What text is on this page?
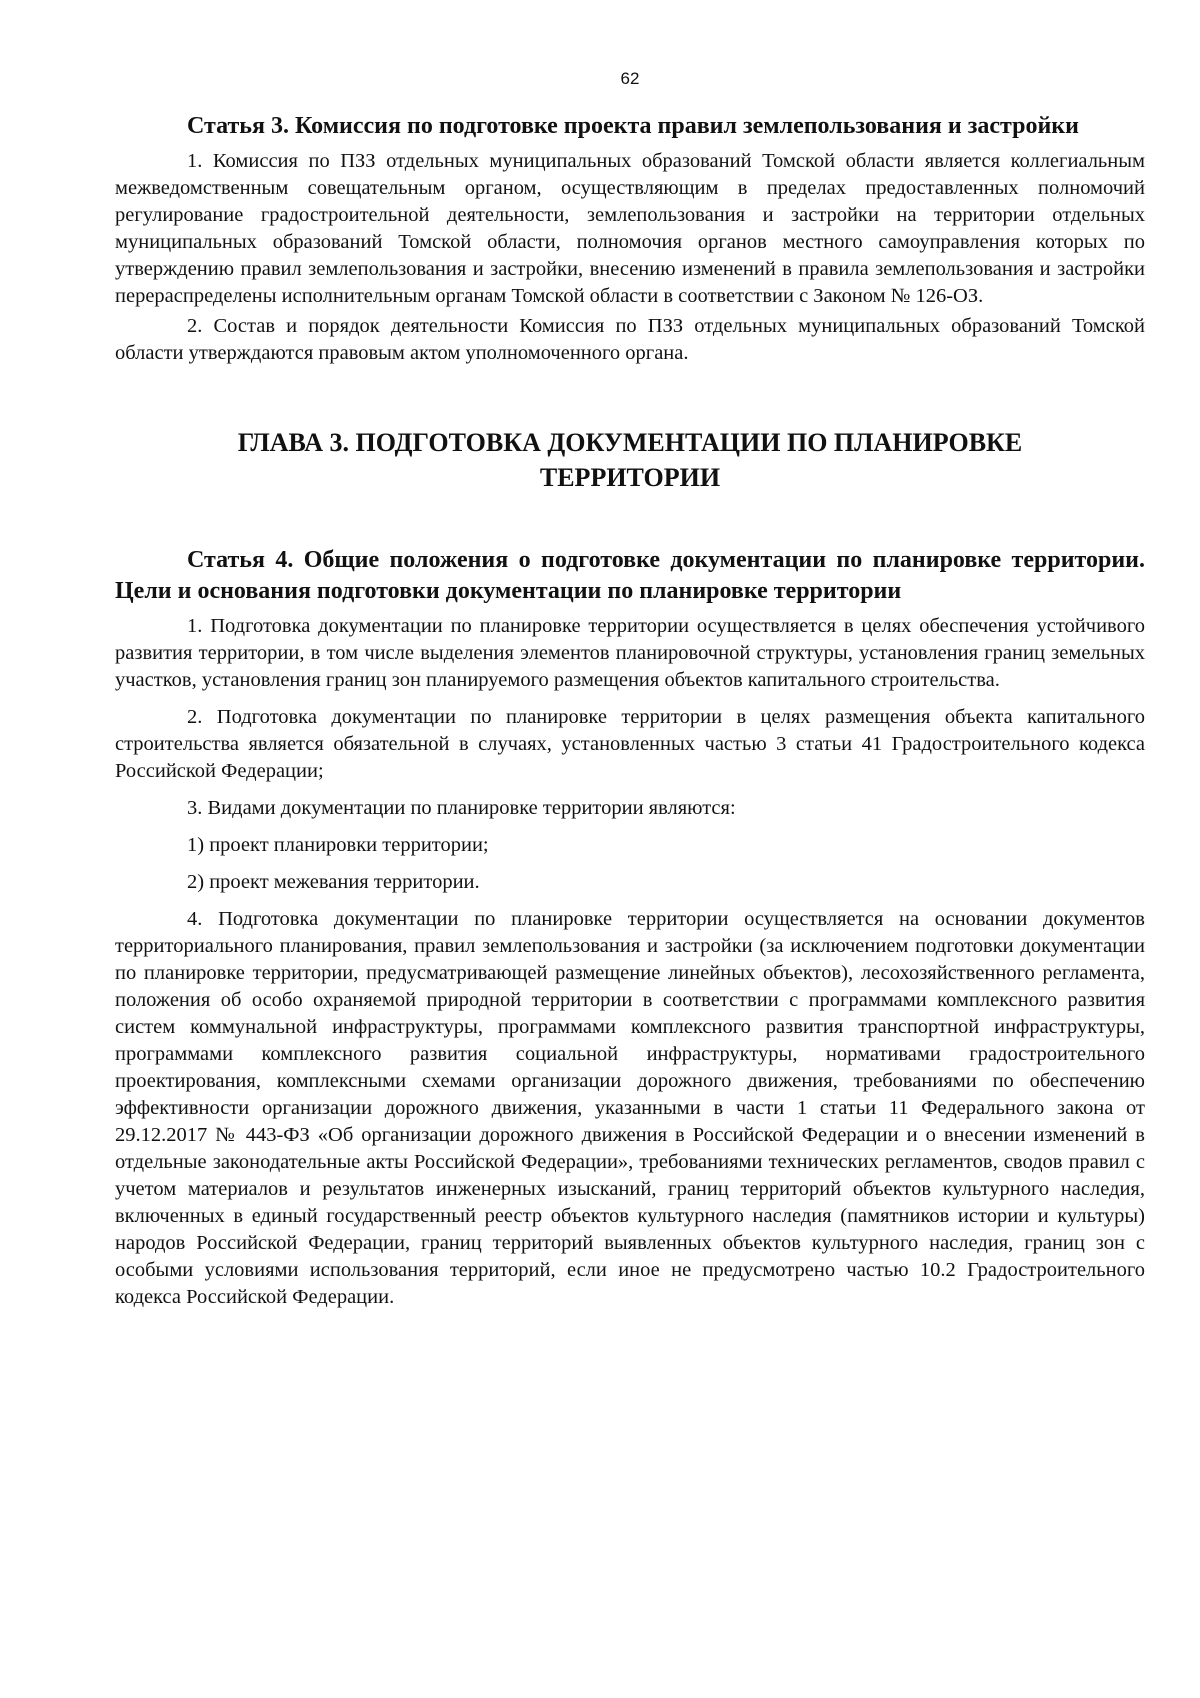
62
Статья 3. Комиссия по подготовке проекта правил землепользования и застройки

1. Комиссия по ПЗЗ отдельных муниципальных образований Томской области является коллегиальным межведомственным совещательным органом, осуществляющим в пределах предоставленных полномочий регулирование градостроительной деятельности, землепользования и застройки на территории отдельных муниципальных образований Томской области, полномочия органов местного самоуправления которых по утверждению правил землепользования и застройки, внесению изменений в правила землепользования и застройки перераспределены исполнительным органам Томской области в соответствии с Законом № 126-ОЗ.

2. Состав и порядок деятельности Комиссия по ПЗЗ отдельных муниципальных образований Томской области утверждаются правовым актом уполномоченного органа.

ГЛАВА 3. ПОДГОТОВКА ДОКУМЕНТАЦИИ ПО ПЛАНИРОВКЕ
ТЕРРИТОРИИ
Статья 4. Общие положения о подготовке документации по планировке территории. Цели и основания подготовки документации по планировке территории

1. Подготовка документации по планировке территории осуществляется в целях обеспечения устойчивого развития территории, в том числе выделения элементов планировочной структуры, установления границ земельных участков, установления границ зон планируемого размещения объектов капитального строительства.

2. Подготовка документации по планировке территории в целях размещения объекта капитального строительства является обязательной в случаях, установленных частью 3 статьи 41 Градостроительного кодекса Российской Федерации;

3. Видами документации по планировке территории являются:

1) проект планировки территории;

2) проект межевания территории.

4. Подготовка документации по планировке территории осуществляется на основании документов территориального планирования, правил землепользования и застройки (за исключением подготовки документации по планировке территории, предусматривающей размещение линейных объектов), лесохозяйственного регламента, положения об особо охраняемой природной территории в соответствии с программами комплексного развития систем коммунальной инфраструктуры, программами комплексного развития транспортной инфраструктуры, программами комплексного развития социальной инфраструктуры, нормативами градостроительного проектирования, комплексными схемами организации дорожного движения, требованиями по обеспечению эффективности организации дорожного движения, указанными в части 1 статьи 11 Федерального закона от 29.12.2017 № 443-ФЗ «Об организации дорожного движения в Российской Федерации и о внесении изменений в отдельные законодательные акты Российской Федерации», требованиями технических регламентов, сводов правил с учетом материалов и результатов инженерных изысканий, границ территорий объектов культурного наследия, включенных в единый государственный реестр объектов культурного наследия (памятников истории и культуры) народов Российской Федерации, границ территорий выявленных объектов культурного наследия, границ зон с особыми условиями использования территорий, если иное не предусмотрено частью 10.2 Градостроительного кодекса Российской Федерации.
